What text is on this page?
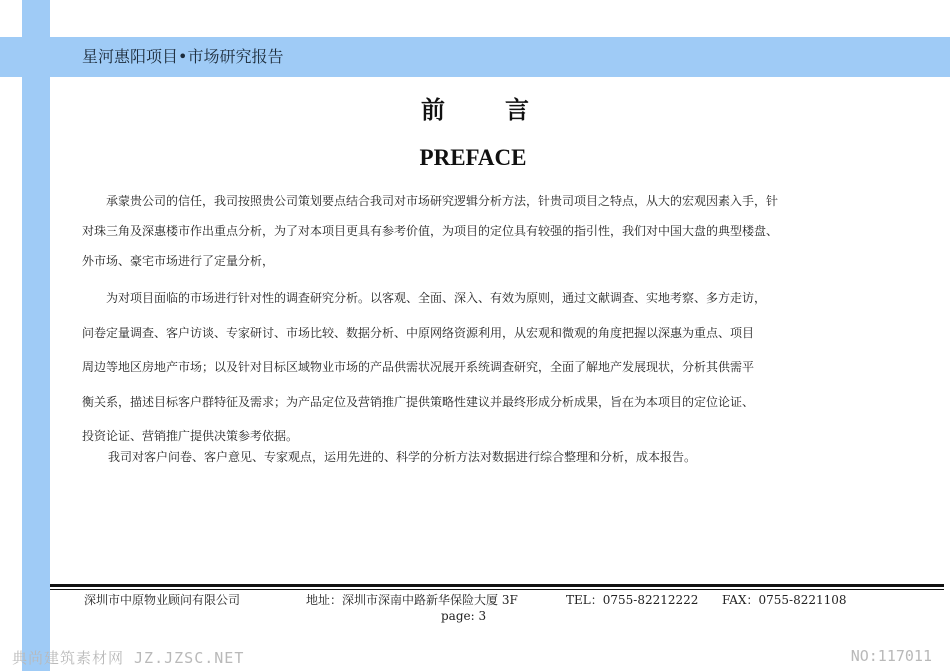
星河惠阳项目•市场研究报告
前言
PREFACE
　　承蒙贵公司的信任，我司按照贵公司策划要点结合我司对市场研究逻辑分析方法，针贵司项目之特点，从大的宏观因素入手，针
对珠三角及深惠楼市作出重点分析，为了对本项目更具有参考价值，为项目的定位具有较强的指引性，我们对中国大盘的典型楼盘、
外市场、豪宅市场进行了定量分析，
　　为对项目面临的市场进行针对性的调查研究分析。以客观、全面、深入、有效为原则，通过文献调查、实地考察、多方走访，
问卷定量调查、客户访谈、专家研讨、市场比较、数据分析、中原网络资源利用，从宏观和微观的角度把握以深惠为重点、项目
周边等地区房地产市场；以及针对目标区域物业市场的产品供需状况展开系统调查研究，全面了解地产发展现状，分析其供需平
衡关系，描述目标客户群特征及需求；为产品定位及营销推广提供策略性建议并最终形成分析成果，旨在为本项目的定位论证、
投资论证、营销推广提供决策参考依据。
我司对客户问卷、客户意见、专家观点，运用先进的、科学的分析方法对数据进行综合整理和分析，成本报告。
深圳市中原物业顾问有限公司	地址：深圳市深南中路新华保险大厦 3F	TEL：0755-82212222 FAX：0755-8221108
page: 3
典尚建筑素材网 JZ.JZSC.NET	NO:117011
